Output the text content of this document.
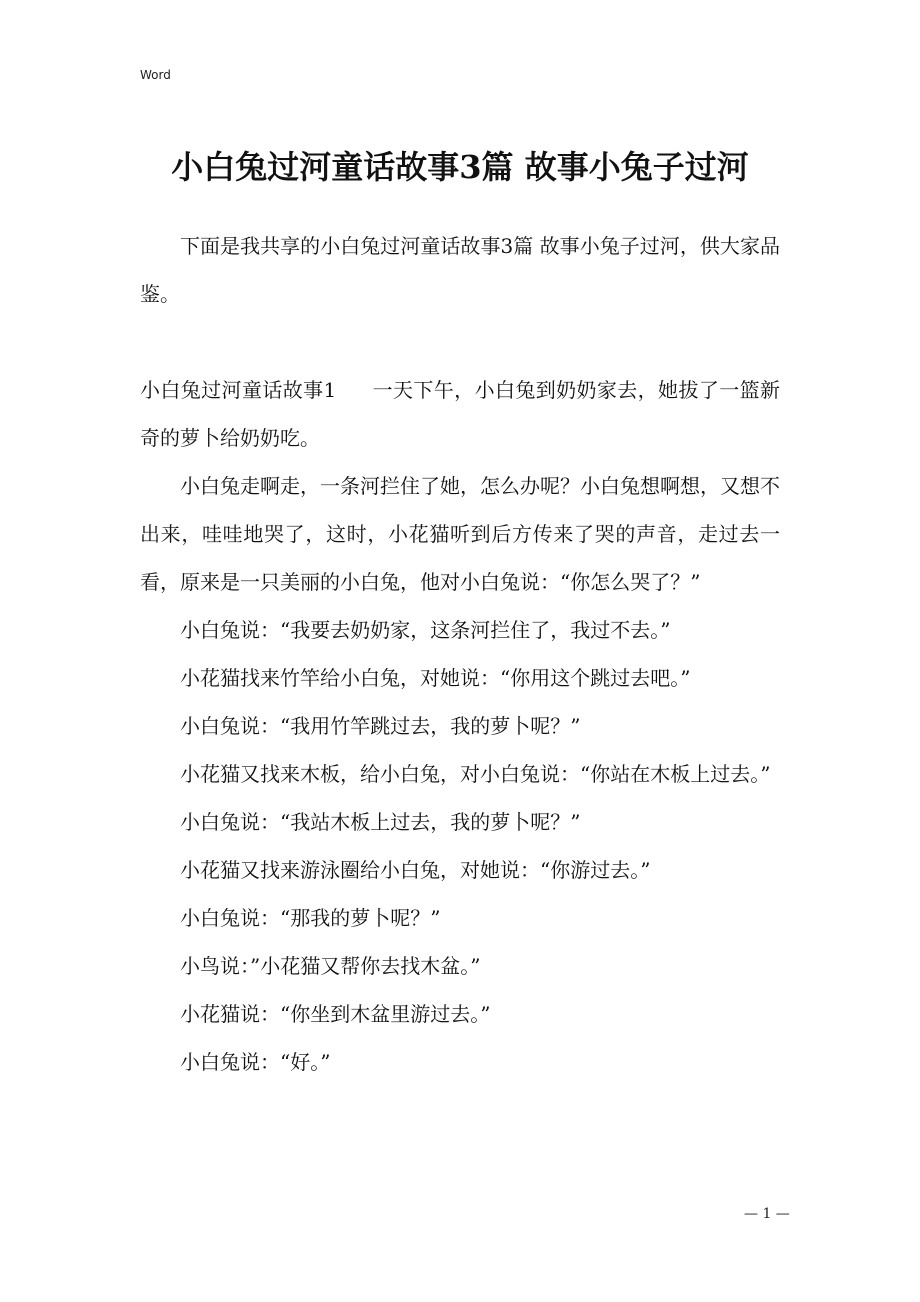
Word
小白兔过河童话故事3篇 故事小兔子过河

下面是我共享的小白兔过河童话故事3篇 故事小兔子过河，供大家品鉴。

小白兔过河童话故事1 一天下午，小白兔到奶奶家去，她拔了一篮新奇的萝卜给奶奶吃。

小白兔走啊走，一条河拦住了她，怎么办呢？小白兔想啊想，又想不出来，哇哇地哭了，这时，小花猫听到后方传来了哭的声音，走过去一看，原来是一只美丽的小白兔，他对小白兔说：“你怎么哭了？”

小白兔说：“我要去奶奶家，这条河拦住了，我过不去。”

小花猫找来竹竿给小白兔，对她说：“你用这个跳过去吧。”

小白兔说：“我用竹竿跳过去，我的萝卜呢？”

小花猫又找来木板，给小白兔，对小白兔说：“你站在木板上过去。”

小白兔说：“我站木板上过去，我的萝卜呢？”

小花猫又找来游泳圈给小白兔，对她说：“你游过去。”

小白兔说：“那我的萝卜呢？”

小鸟说：”小花猫又帮你去找木盆。”

小花猫说：“你坐到木盆里游过去。”

小白兔说：“好。”

— 1 —
